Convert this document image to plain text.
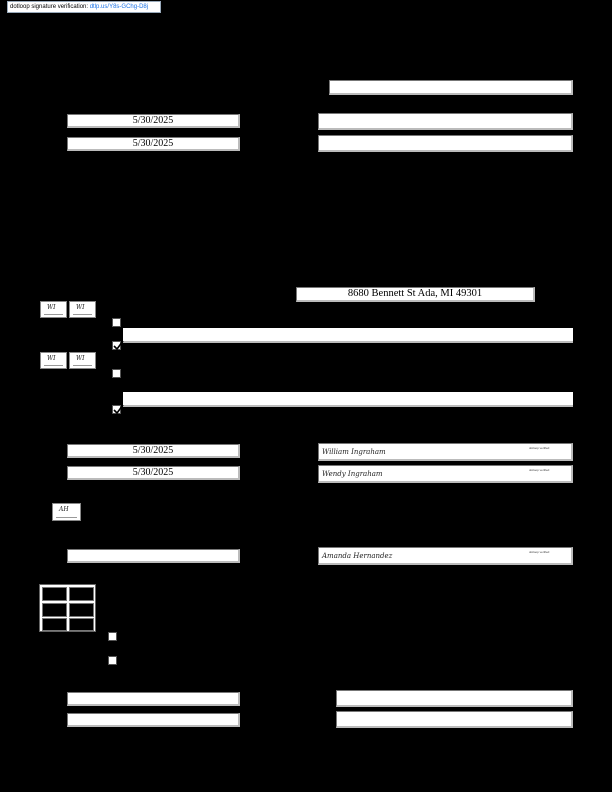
dotloop signature verification: dtlp.us/Y8s-GChg-D8j
5/30/2025
5/30/2025
8680 Bennett St Ada, MI 49301
WI	WI
WI	WI
5/30/2025	William Ingraham	dotloop verified
5/30/2025	Wendy Ingraham	dotloop verified
AH
Amanda Hernandez	dotloop verified
